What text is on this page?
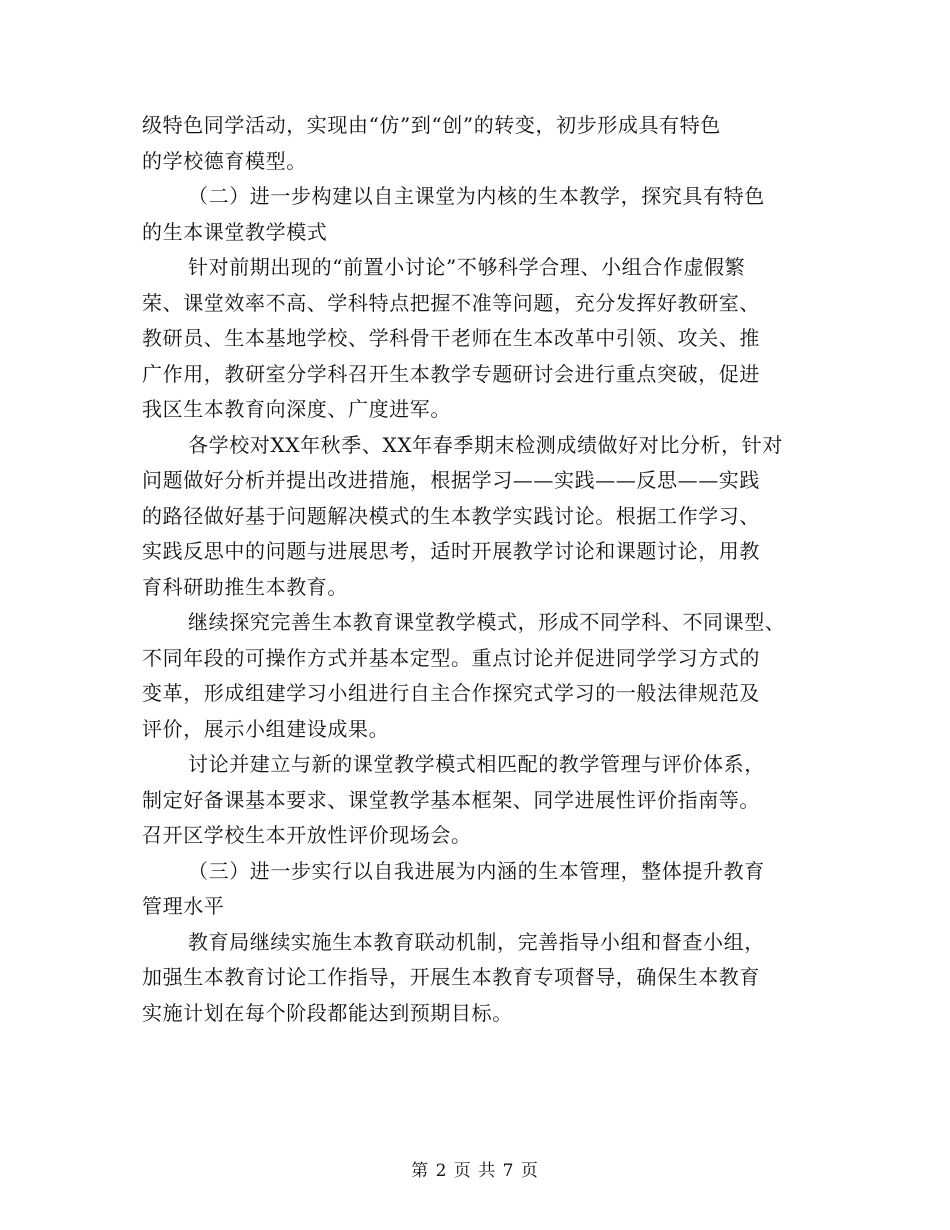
级特色同学活动，实现由“仿”到“创”的转变，初步形成具有特色
的学校德育模型。
（二）进一步构建以自主课堂为内核的生本教学，探究具有特色
的生本课堂教学模式
针对前期出现的“前置小讨论”不够科学合理、小组合作虚假繁
荣、课堂效率不高、学科特点把握不准等问题，充分发挥好教研室、
教研员、生本基地学校、学科骨干老师在生本改革中引领、攻关、推
广作用，教研室分学科召开生本教学专题研讨会进行重点突破，促进
我区生本教育向深度、广度进军。
各学校对XX年秋季、XX年春季期末检测成绩做好对比分析，针对
问题做好分析并提出改进措施，根据学习——实践——反思——实践
的路径做好基于问题解决模式的生本教学实践讨论。根据工作学习、
实践反思中的问题与进展思考，适时开展教学讨论和课题讨论，用教
育科研助推生本教育。
继续探究完善生本教育课堂教学模式，形成不同学科、不同课型、
不同年段的可操作方式并基本定型。重点讨论并促进同学学习方式的
变革，形成组建学习小组进行自主合作探究式学习的一般法律规范及
评价，展示小组建设成果。
讨论并建立与新的课堂教学模式相匹配的教学管理与评价体系，
制定好备课基本要求、课堂教学基本框架、同学进展性评价指南等。
召开区学校生本开放性评价现场会。
（三）进一步实行以自我进展为内涵的生本管理，整体提升教育
管理水平
教育局继续实施生本教育联动机制，完善指导小组和督查小组，
加强生本教育讨论工作指导，开展生本教育专项督导，确保生本教育
实施计划在每个阶段都能达到预期目标。
第 2 页 共 7 页
